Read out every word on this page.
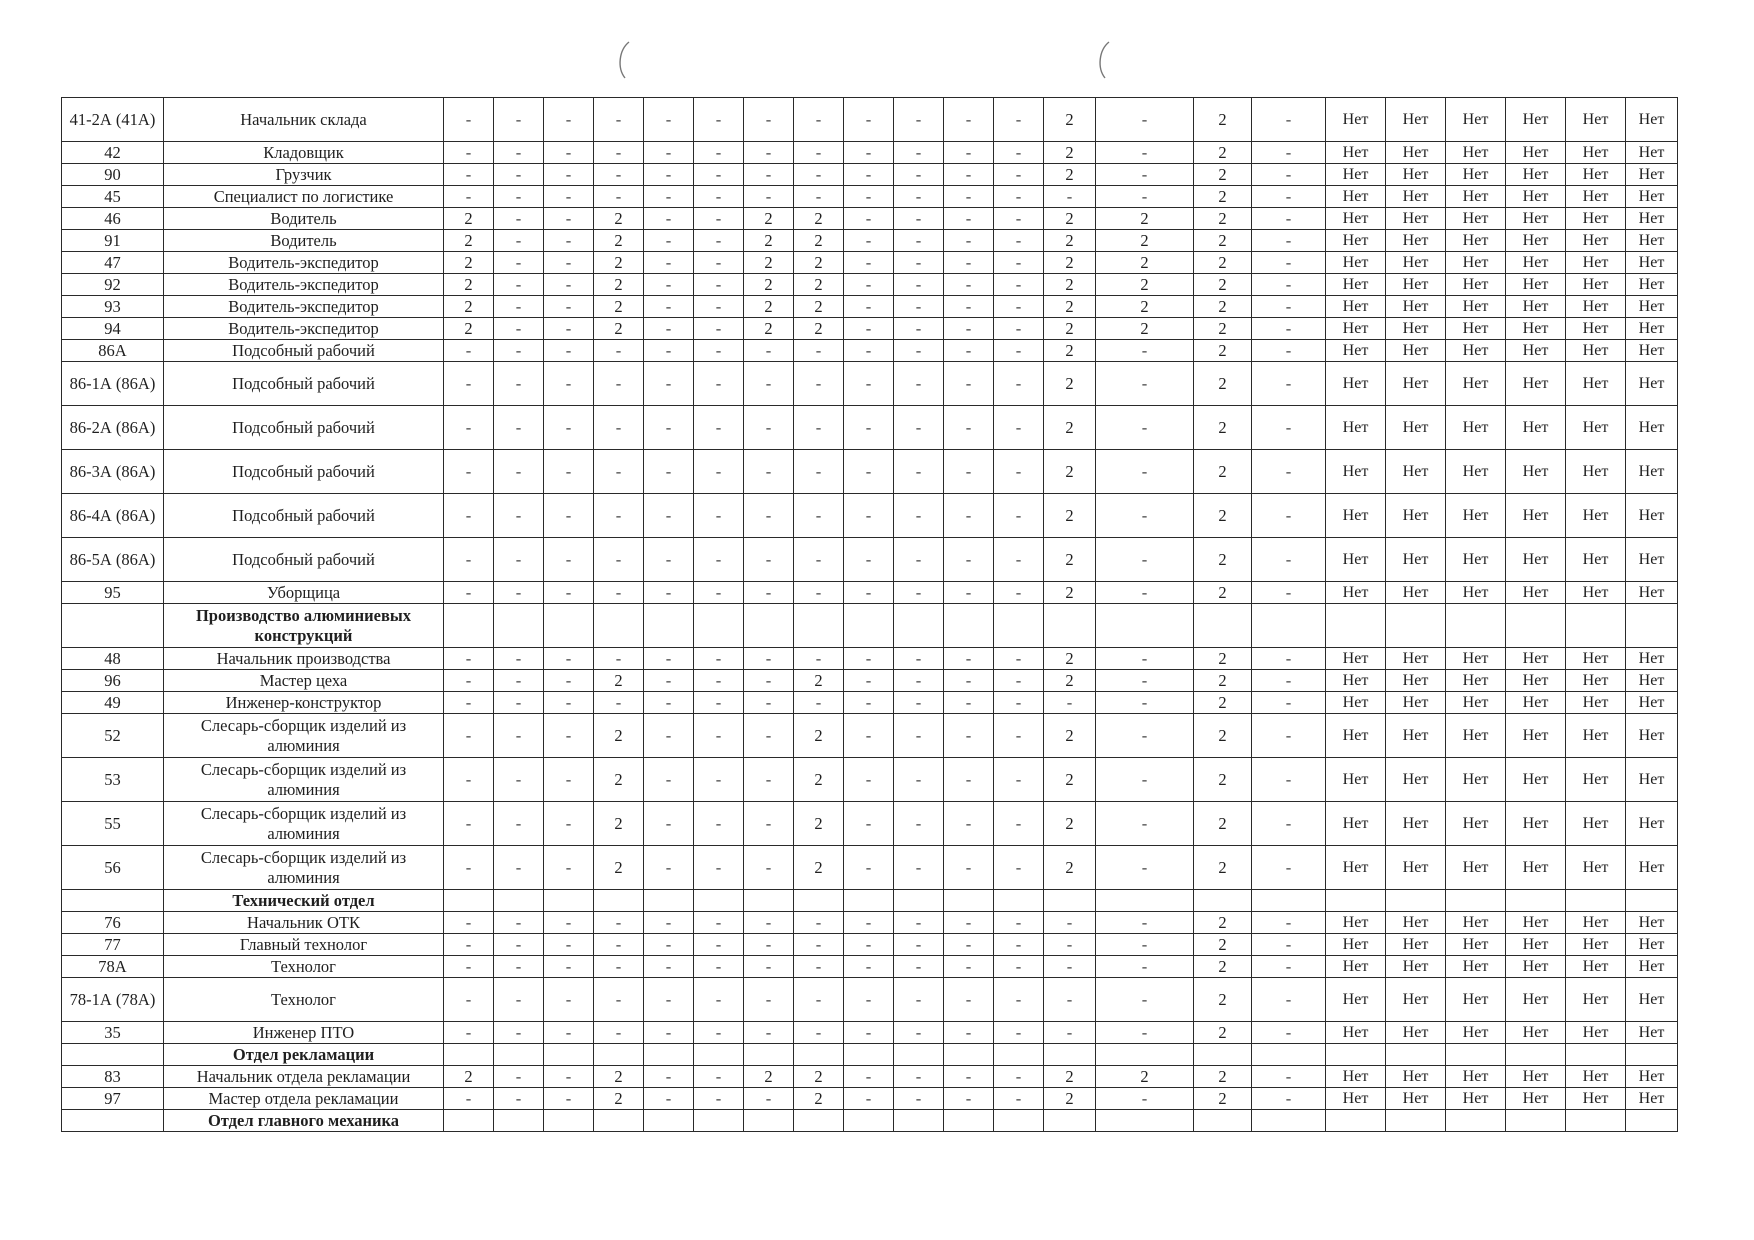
41-2А (41А)	Начальник склада	-	-	-	-	-	-	-	-	-	-	-	-	2	-	2	-	Нет	Нет	Нет	Нет	Нет	Нет
42	Кладовщик	-	-	-	-	-	-	-	-	-	-	-	-	2	-	2	-	Нет	Нет	Нет	Нет	Нет	Нет
90	Грузчик	-	-	-	-	-	-	-	-	-	-	-	-	2	-	2	-	Нет	Нет	Нет	Нет	Нет	Нет
45	Специалист по логистике	-	-	-	-	-	-	-	-	-	-	-	-	-	-	2	-	Нет	Нет	Нет	Нет	Нет	Нет
46	Водитель	2	-	-	2	-	-	2	2	-	-	-	-	2	2	2	-	Нет	Нет	Нет	Нет	Нет	Нет
91	Водитель	2	-	-	2	-	-	2	2	-	-	-	-	2	2	2	-	Нет	Нет	Нет	Нет	Нет	Нет
47	Водитель-экспедитор	2	-	-	2	-	-	2	2	-	-	-	-	2	2	2	-	Нет	Нет	Нет	Нет	Нет	Нет
92	Водитель-экспедитор	2	-	-	2	-	-	2	2	-	-	-	-	2	2	2	-	Нет	Нет	Нет	Нет	Нет	Нет
93	Водитель-экспедитор	2	-	-	2	-	-	2	2	-	-	-	-	2	2	2	-	Нет	Нет	Нет	Нет	Нет	Нет
94	Водитель-экспедитор	2	-	-	2	-	-	2	2	-	-	-	-	2	2	2	-	Нет	Нет	Нет	Нет	Нет	Нет
86А	Подсобный рабочий	-	-	-	-	-	-	-	-	-	-	-	-	2	-	2	-	Нет	Нет	Нет	Нет	Нет	Нет
86-1А (86А)	Подсобный рабочий	-	-	-	-	-	-	-	-	-	-	-	-	2	-	2	-	Нет	Нет	Нет	Нет	Нет	Нет
86-2А (86А)	Подсобный рабочий	-	-	-	-	-	-	-	-	-	-	-	-	2	-	2	-	Нет	Нет	Нет	Нет	Нет	Нет
86-3А (86А)	Подсобный рабочий	-	-	-	-	-	-	-	-	-	-	-	-	2	-	2	-	Нет	Нет	Нет	Нет	Нет	Нет
86-4А (86А)	Подсобный рабочий	-	-	-	-	-	-	-	-	-	-	-	-	2	-	2	-	Нет	Нет	Нет	Нет	Нет	Нет
86-5А (86А)	Подсобный рабочий	-	-	-	-	-	-	-	-	-	-	-	-	2	-	2	-	Нет	Нет	Нет	Нет	Нет	Нет
95	Уборщица	-	-	-	-	-	-	-	-	-	-	-	-	2	-	2	-	Нет	Нет	Нет	Нет	Нет	Нет
	Производство алюминиевых конструкций																						
48	Начальник производства	-	-	-	-	-	-	-	-	-	-	-	-	2	-	2	-	Нет	Нет	Нет	Нет	Нет	Нет
96	Мастер цеха	-	-	-	2	-	-	-	2	-	-	-	-	2	-	2	-	Нет	Нет	Нет	Нет	Нет	Нет
49	Инженер-конструктор	-	-	-	-	-	-	-	-	-	-	-	-	-	-	2	-	Нет	Нет	Нет	Нет	Нет	Нет
52	Слесарь-сборщик изделий из алюминия	-	-	-	2	-	-	-	2	-	-	-	-	2	-	2	-	Нет	Нет	Нет	Нет	Нет	Нет
53	Слесарь-сборщик изделий из алюминия	-	-	-	2	-	-	-	2	-	-	-	-	2	-	2	-	Нет	Нет	Нет	Нет	Нет	Нет
55	Слесарь-сборщик изделий из алюминия	-	-	-	2	-	-	-	2	-	-	-	-	2	-	2	-	Нет	Нет	Нет	Нет	Нет	Нет
56	Слесарь-сборщик изделий из алюминия	-	-	-	2	-	-	-	2	-	-	-	-	2	-	2	-	Нет	Нет	Нет	Нет	Нет	Нет
	Технический отдел																						
76	Начальник ОТК	-	-	-	-	-	-	-	-	-	-	-	-	-	-	2	-	Нет	Нет	Нет	Нет	Нет	Нет
77	Главный технолог	-	-	-	-	-	-	-	-	-	-	-	-	-	-	2	-	Нет	Нет	Нет	Нет	Нет	Нет
78А	Технолог	-	-	-	-	-	-	-	-	-	-	-	-	-	-	2	-	Нет	Нет	Нет	Нет	Нет	Нет
78-1А (78А)	Технолог	-	-	-	-	-	-	-	-	-	-	-	-	-	-	2	-	Нет	Нет	Нет	Нет	Нет	Нет
35	Инженер ПТО	-	-	-	-	-	-	-	-	-	-	-	-	-	-	2	-	Нет	Нет	Нет	Нет	Нет	Нет
	Отдел рекламации																						
83	Начальник отдела рекламации	2	-	-	2	-	-	2	2	-	-	-	-	2	2	2	-	Нет	Нет	Нет	Нет	Нет	Нет
97	Мастер отдела рекламации	-	-	-	2	-	-	-	2	-	-	-	-	2	-	2	-	Нет	Нет	Нет	Нет	Нет	Нет
	Отдел главного механика																						
